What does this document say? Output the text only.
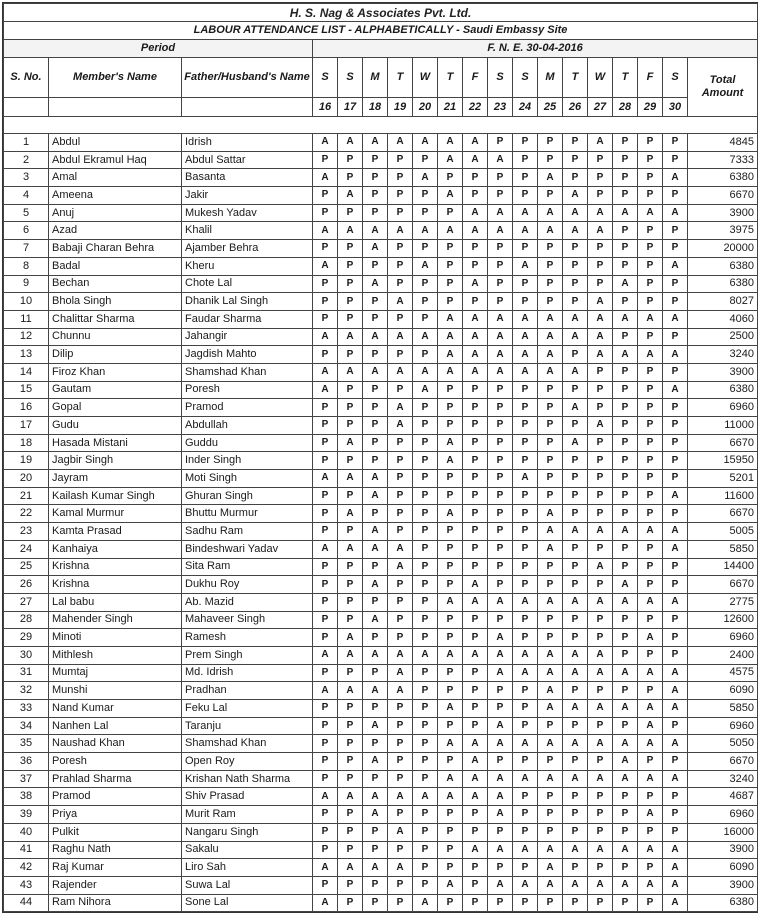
H. S. Nag & Associates Pvt. Ltd.																		
LABOUR ATTENDANCE LIST - ALPHABETICALLY - Saudi Embassy Site																		
Period			F. N. E. 30-04-2016															
S. No.	Member's Name	Father/Husband's Name	S	S	M	T	W	T	F	S	S	M	T	W	T	F	S	Total Amount
			16	17	18	19	20	21	22	23	24	25	26	27	28	29	30	

1	Abdul	Idrish	A	A	A	A	A	A	A	P	P	P	P	A	P	P	P	4845
2	Abdul Ekramul Haq	Abdul Sattar	P	P	P	P	P	A	A	A	P	P	P	P	P	P	P	7333
3	Amal	Basanta	A	P	P	P	A	P	P	P	P	A	P	P	P	P	A	6380
4	Ameena	Jakir	P	A	P	P	P	A	P	P	P	P	A	P	P	P	P	6670
5	Anuj	Mukesh Yadav	P	P	P	P	P	P	A	A	A	A	A	A	A	A	A	3900
6	Azad	Khalil	A	A	A	A	A	A	A	A	A	A	A	A	P	P	P	3975
7	Babaji Charan Behra	Ajamber Behra	P	P	A	P	P	P	P	P	P	P	P	P	P	P	P	20000
8	Badal	Kheru	A	P	P	P	A	P	P	P	A	P	P	P	P	P	A	6380
9	Bechan	Chote Lal	P	P	A	P	P	P	A	P	P	P	P	P	A	P	P	6380
10	Bhola Singh	Dhanik Lal Singh	P	P	P	A	P	P	P	P	P	P	P	A	P	P	P	8027
11	Chalittar Sharma	Faudar Sharma	P	P	P	P	P	A	A	A	A	A	A	A	A	A	A	4060
12	Chunnu	Jahangir	A	A	A	A	A	A	A	A	A	A	A	A	P	P	P	2500
13	Dilip	Jagdish Mahto	P	P	P	P	P	A	A	A	A	A	P	A	A	A	A	3240
14	Firoz Khan	Shamshad Khan	A	A	A	A	A	A	A	A	A	A	A	P	P	P	P	3900
15	Gautam	Poresh	A	P	P	P	A	P	P	P	P	P	P	P	P	P	A	6380
16	Gopal	Pramod	P	P	P	A	P	P	P	P	P	P	A	P	P	P	P	6960
17	Gudu	Abdullah	P	P	P	A	P	P	P	P	P	P	P	A	P	P	P	11000
18	Hasada Mistani	Guddu	P	A	P	P	P	A	P	P	P	P	A	P	P	P	P	6670
19	Jagbir Singh	Inder Singh	P	P	P	P	P	A	P	P	P	P	P	P	P	P	P	15950
20	Jayram	Moti Singh	A	A	A	P	P	P	P	P	A	P	P	P	P	P	P	5201
21	Kailash Kumar Singh	Ghuran Singh	P	P	A	P	P	P	P	P	P	P	P	P	P	P	A	11600
22	Kamal Murmur	Bhuttu Murmur	P	A	P	P	P	A	P	P	P	A	P	P	P	P	P	6670
23	Kamta Prasad	Sadhu Ram	P	P	A	P	P	P	P	P	P	A	A	A	A	A	A	5005
24	Kanhaiya	Bindeshwari Yadav	A	A	A	A	P	P	P	P	P	A	P	P	P	P	A	5850
25	Krishna	Sita Ram	P	P	P	A	P	P	P	P	P	P	P	A	P	P	P	14400
26	Krishna	Dukhu Roy	P	P	A	P	P	P	A	P	P	P	P	P	A	P	P	6670
27	Lal babu	Ab. Mazid	P	P	P	P	P	A	A	A	A	A	A	A	A	A	A	2775
28	Mahender Singh	Mahaveer Singh	P	P	A	P	P	P	P	P	P	P	P	P	P	P	P	12600
29	Minoti	Ramesh	P	A	P	P	P	P	P	A	P	P	P	P	P	A	P	6960
30	Mithlesh	Prem Singh	A	A	A	A	A	A	A	A	A	A	A	A	P	P	P	2400
31	Mumtaj	Md. Idrish	P	P	P	A	P	P	P	A	A	A	A	A	A	A	A	4575
32	Munshi	Pradhan	A	A	A	A	P	P	P	P	P	A	P	P	P	P	A	6090
33	Nand Kumar	Feku Lal	P	P	P	P	P	A	P	P	P	A	A	A	A	A	A	5850
34	Nanhen Lal	Taranju	P	P	A	P	P	P	P	A	P	P	P	P	P	A	P	6960
35	Naushad Khan	Shamshad Khan	P	P	P	P	P	A	A	A	A	A	A	A	A	A	A	5050
36	Poresh	Open Roy	P	P	A	P	P	P	A	P	P	P	P	P	A	P	P	6670
37	Prahlad Sharma	Krishan Nath Sharma	P	P	P	P	P	A	A	A	A	A	A	A	A	A	A	3240
38	Pramod	Shiv Prasad	A	A	A	A	A	A	A	A	P	P	P	P	P	P	P	4687
39	Priya	Murit Ram	P	P	A	P	P	P	P	A	P	P	P	P	P	A	P	6960
40	Pulkit	Nangaru Singh	P	P	P	A	P	P	P	P	P	P	P	P	P	P	P	16000
41	Raghu Nath	Sakalu	P	P	P	P	P	P	A	A	A	A	A	A	A	A	A	3900
42	Raj Kumar	Liro Sah	A	A	A	A	P	P	P	P	P	A	P	P	P	P	A	6090
43	Rajender	Suwa Lal	P	P	P	P	P	A	P	A	A	A	A	A	A	A	A	3900
44	Ram Nihora	Sone Lal	A	P	P	P	A	P	P	P	P	P	P	P	P	P	A	6380
